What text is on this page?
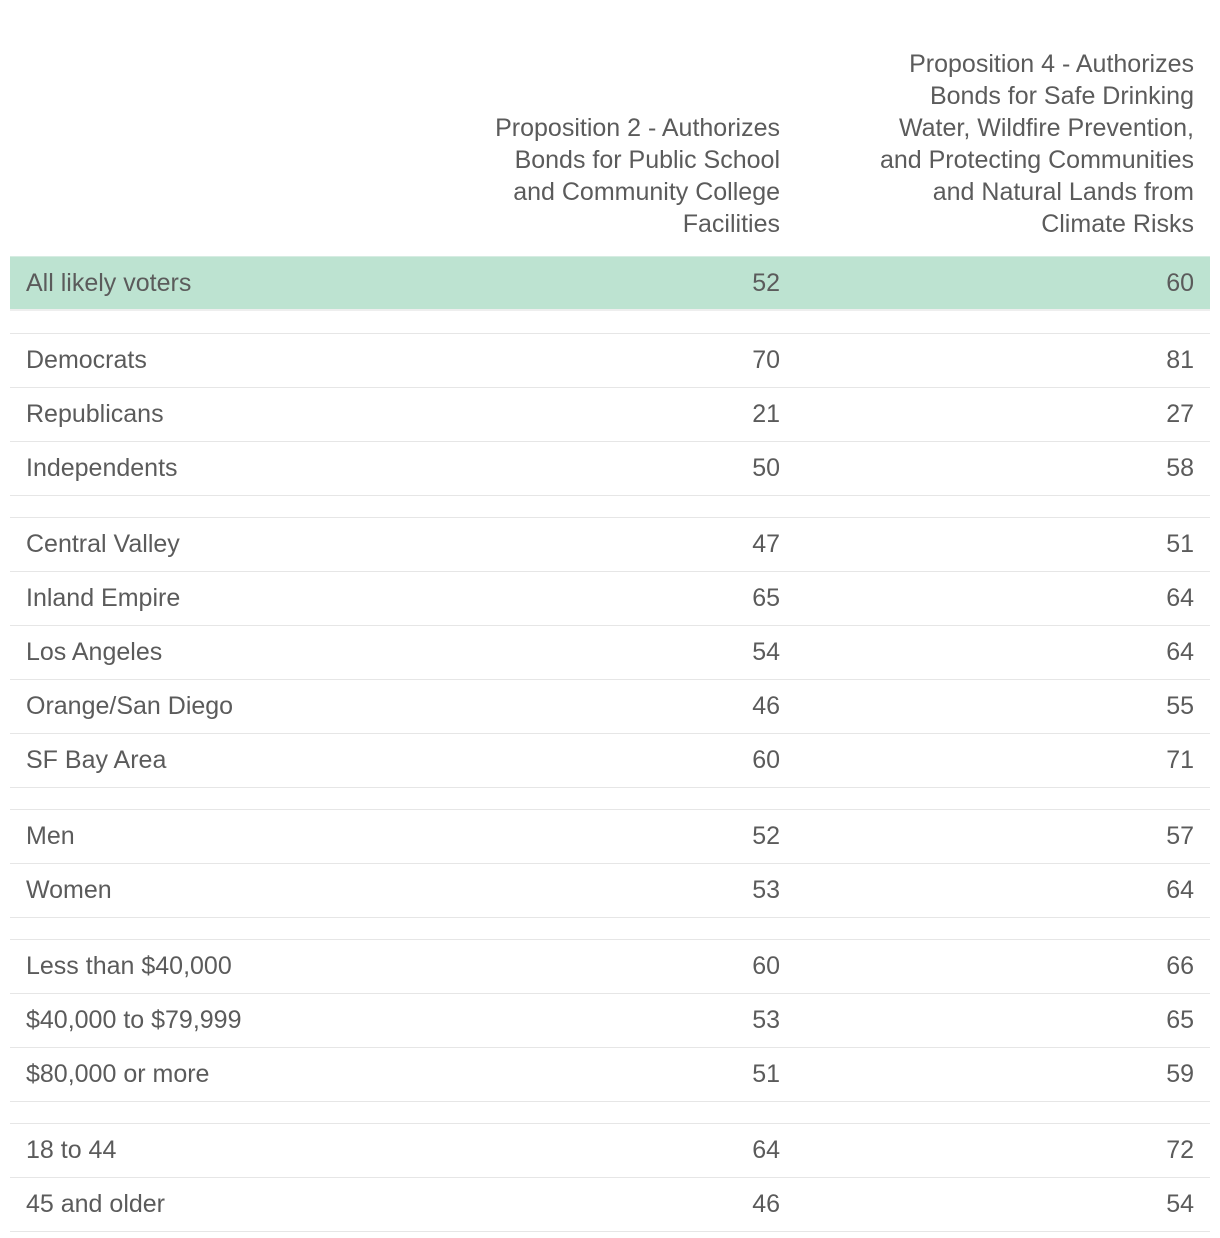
Proposition 2 - Authorizes
Bonds for Public School
and Community College
Facilities
Proposition 4 - Authorizes
Bonds for Safe Drinking
Water, Wildfire Prevention,
and Protecting Communities
and Natural Lands from
Climate Risks
All likely voters	52	60
Democrats	70	81
Republicans	21	27
Independents	50	58
Central Valley	47	51
Inland Empire	65	64
Los Angeles	54	64
Orange/San Diego	46	55
SF Bay Area	60	71
Men	52	57
Women	53	64
Less than $40,000	60	66
$40,000 to $79,999	53	65
$80,000 or more	51	59
18 to 44	64	72
45 and older	46	54
